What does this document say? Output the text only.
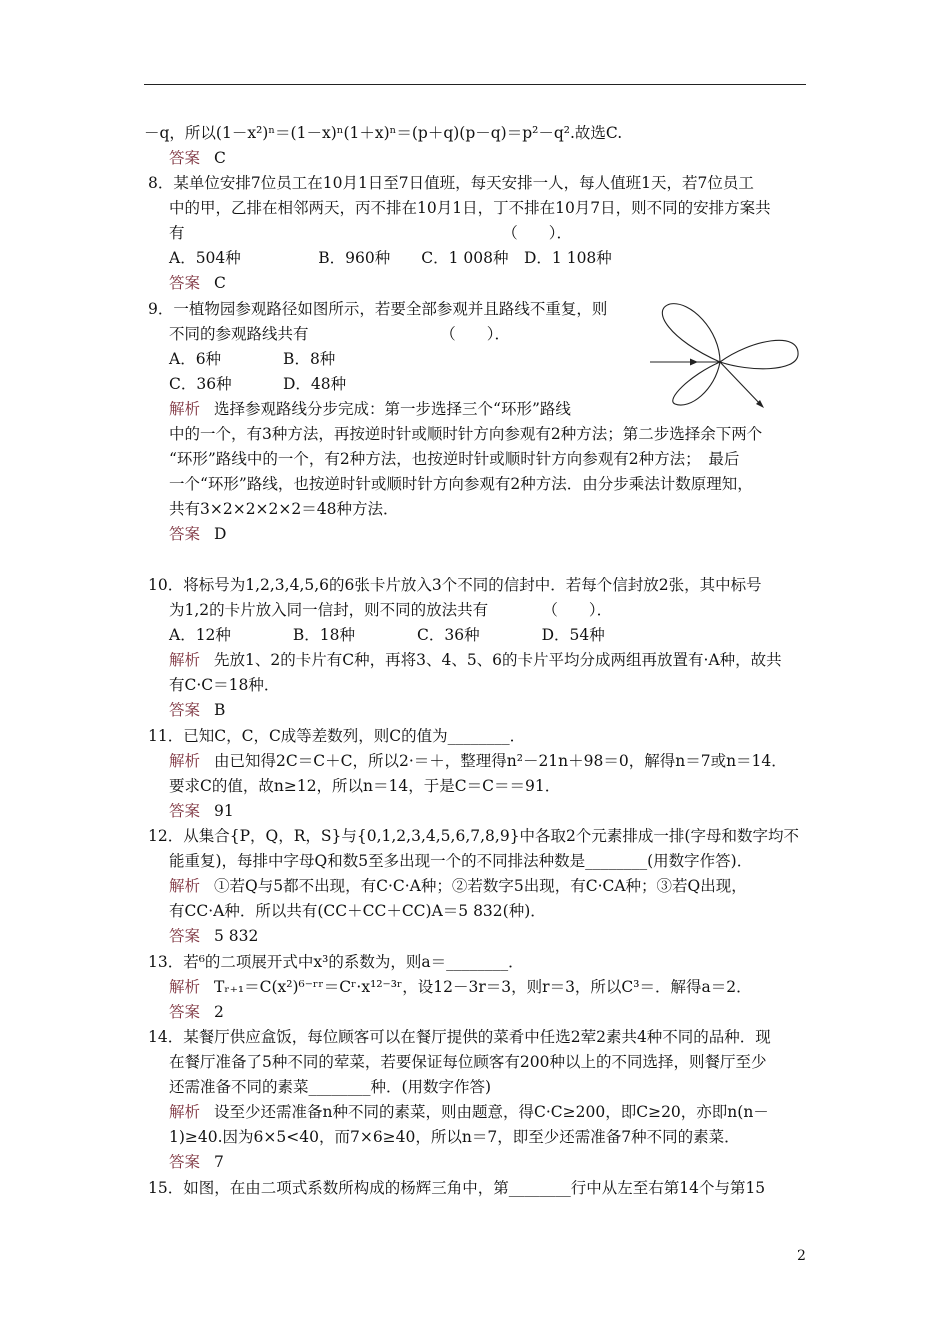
－q，所以(1－x²)ⁿ＝(1－x)ⁿ(1＋x)ⁿ＝(p＋q)(p－q)＝p²－q².故选C.
答案 C
8．某单位安排7位员工在10月1日至7日值班，每天安排一人，每人值班1天，若7位员工
中的甲，乙排在相邻两天，丙不排在10月1日，丁不排在10月7日，则不同的安排方案共
有　　　　　　　　　　　　　　　　　　　　　（　　）．
A．504种　　　　　B．960种　　C．1 008种　D．1 108种
答案 C
9．一植物园参观路径如图所示，若要全部参观并且路线不重复，则
不同的参观路线共有　　　　　　　　　（　　）．
A．6种　　　　B．8种
C．36种　　　 D．48种
解析 选择参观路线分步完成：第一步选择三个“环形”路线
中的一个，有3种方法，再按逆时针或顺时针方向参观有2种方法；第二步选择余下两个
“环形”路线中的一个，有2种方法，也按逆时针或顺时针方向参观有2种方法；　最后
一个“环形”路线，也按逆时针或顺时针方向参观有2种方法．由分步乘法计数原理知，
共有3×2×2×2×2＝48种方法．
答案 D
10．将标号为1,2,3,4,5,6的6张卡片放入3个不同的信封中．若每个信封放2张，其中标号
为1,2的卡片放入同一信封，则不同的放法共有　　　　（　　）．
A．12种　　　　B．18种　　　　C．36种　　　　D．54种
解析 先放1、2的卡片有C种，再将3、4、5、6的卡片平均分成两组再放置有·A种，故共
有C·C＝18种．
答案 B
11．已知C，C，C成等差数列，则C的值为________．
解析 由已知得2C＝C＋C，所以2·＝＋，整理得n²－21n＋98＝0，解得n＝7或n＝14．
要求C的值，故n≥12，所以n＝14，于是C＝C＝＝91．
答案 91
12．从集合{P，Q，R，S}与{0,1,2,3,4,5,6,7,8,9}中各取2个元素排成一排(字母和数字均不
能重复)，每排中字母Q和数5至多出现一个的不同排法种数是________(用数字作答)．
解析 ①若Q与5都不出现，有C·C·A种；②若数字5出现，有C·CA种；③若Q出现，
有CC·A种．所以共有(CC＋CC＋CC)A＝5 832(种)．
答案 5 832
13．若⁶的二项展开式中x³的系数为，则a＝________．
解析 Tᵣ₊₁＝C(x²)⁶⁻ʳʳ＝Cʳ·x¹²⁻³ʳ，设12－3r＝3，则r＝3，所以C³＝．解得a＝2．
答案 2
14．某餐厅供应盒饭，每位顾客可以在餐厅提供的菜肴中任选2荤2素共4种不同的品种．现
在餐厅准备了5种不同的荤菜，若要保证每位顾客有200种以上的不同选择，则餐厅至少
还需准备不同的素菜________种．(用数字作答)
解析 设至少还需准备n种不同的素菜，则由题意，得C·C≥200，即C≥20，亦即n(n－
1)≥40.因为6×5<40，而7×6≥40，所以n＝7，即至少还需准备7种不同的素菜．
答案 7
15．如图，在由二项式系数所构成的杨辉三角中，第________行中从左至右第14个与第15
2
